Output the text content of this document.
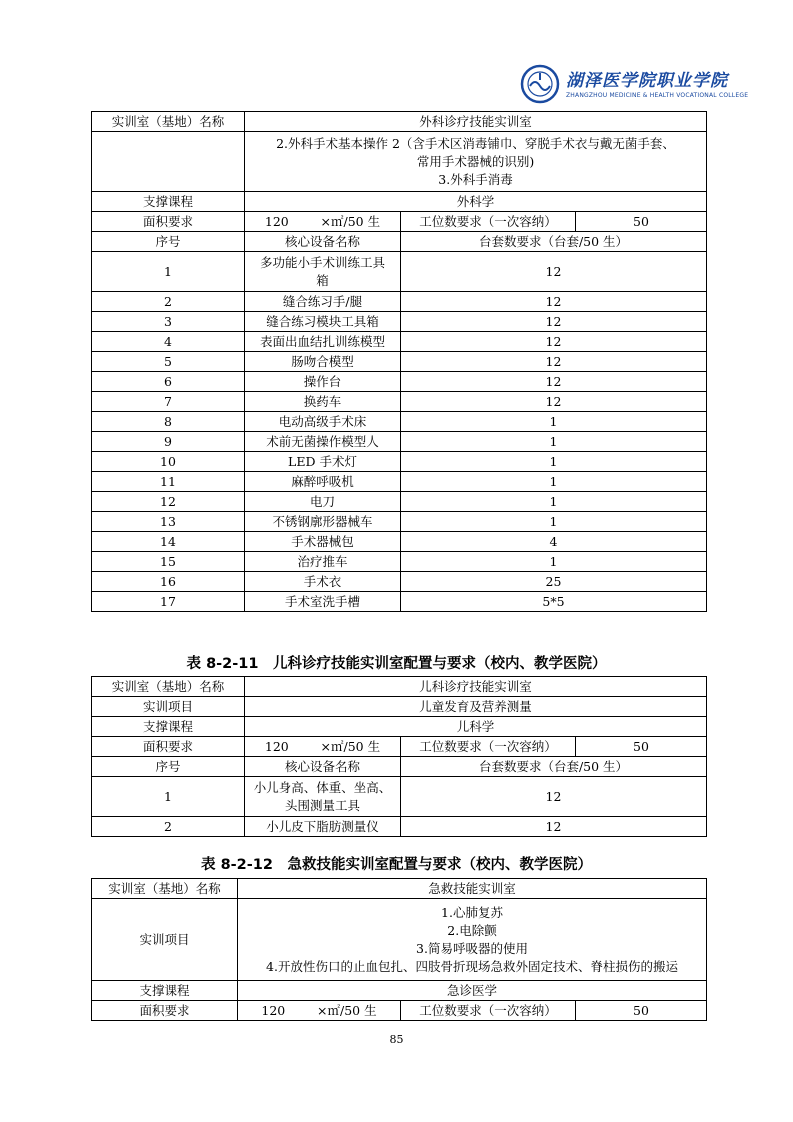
湖泽医学院职业学院
ZHANGZHOU MEDICINE & HEALTH VOCATIONAL COLLEGE
实训室（基地）名称	外科诊疗技能实训室		

	2.外科手术基本操作 2（含手术区消毒铺巾、穿脱手术衣与戴无菌手套、
常用手术器械的识别)
3.外科手消毒		

支撑课程	外科学		
面积要求	120 ×㎡/50 生	工位数要求（一次容纳）	50
序号	核心设备名称	台套数要求（台套/50 生）	
1	多功能小手术训练工具
箱	12	
2	缝合练习手/腿	12	
3	缝合练习模块工具箱	12	
4	表面出血结扎训练模型	12	
5	肠吻合模型	12	
6	操作台	12	
7	换药车	12	
8	电动高级手术床	1	
9	术前无菌操作模型人	1	
10	LED 手术灯	1	
11	麻醉呼吸机	1	
12	电刀	1	
13	不锈钢廓形器械车	1	
14	手术器械包	4	
15	治疗推车	1	
16	手术衣	25	
17	手术室洗手槽	5*5	
表 8-2-11　儿科诊疗技能实训室配置与要求（校内、教学医院）
实训室（基地）名称	儿科诊疗技能实训室		
实训项目	儿童发育及营养测量		
支撑课程	儿科学		
面积要求	120 ×㎡/50 生	工位数要求（一次容纳）	50
序号	核心设备名称	台套数要求（台套/50 生）	
1	小儿身高、体重、坐高、
头围测量工具	12	
2	小儿皮下脂肪测量仪	12	
表 8-2-12　急救技能实训室配置与要求（校内、教学医院）
实训室（基地）名称	急救技能实训室		
实训项目	1.心肺复苏
2.电除颤
3.简易呼吸器的使用
4.开放性伤口的止血包扎、四肢骨折现场急救外固定技术、脊柱损伤的搬运		

支撑课程	急诊医学		
面积要求	120 ×㎡/50 生	工位数要求（一次容纳）	50
85
